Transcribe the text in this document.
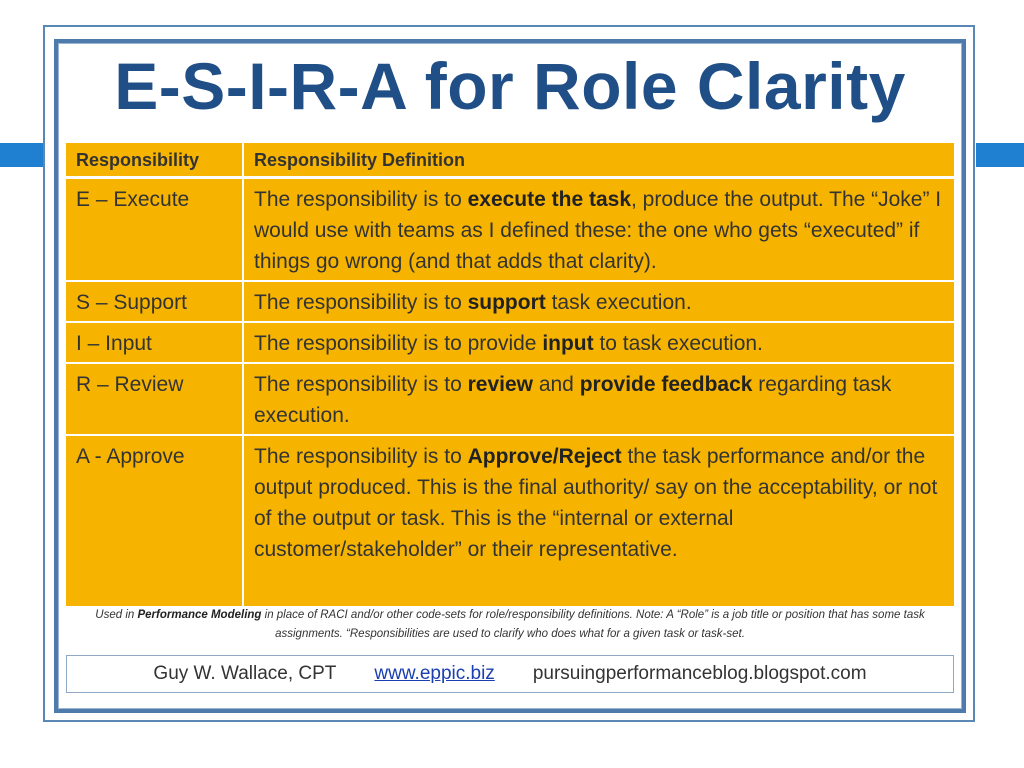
E-S-I-R-A for Role Clarity
Responsibility	Responsibility Definition
E – Execute	The responsibility is to execute the task, produce the output. The “Joke” I would use with teams as I defined these: the one who gets “executed” if things go wrong (and that adds that clarity).
S – Support	The responsibility is to support task execution.
I – Input	The responsibility is to provide input to task execution.
R – Review	The responsibility is to review and provide feedback regarding task execution.
A - Approve	The responsibility is to Approve/Reject the task performance and/or the output produced. This is the final authority/ say on the acceptability, or not of the output or task. This is the “internal or external customer/stakeholder” or their representative.
Used in Performance Modeling in place of RACI and/or other code-sets for role/responsibility definitions. Note: A “Role” is a job title or position that has some task assignments. “Responsibilities are used to clarify who does what for a given task or task-set.
Guy W. Wallace, CPT www.eppic.biz pursuingperformanceblog.blogspot.com
